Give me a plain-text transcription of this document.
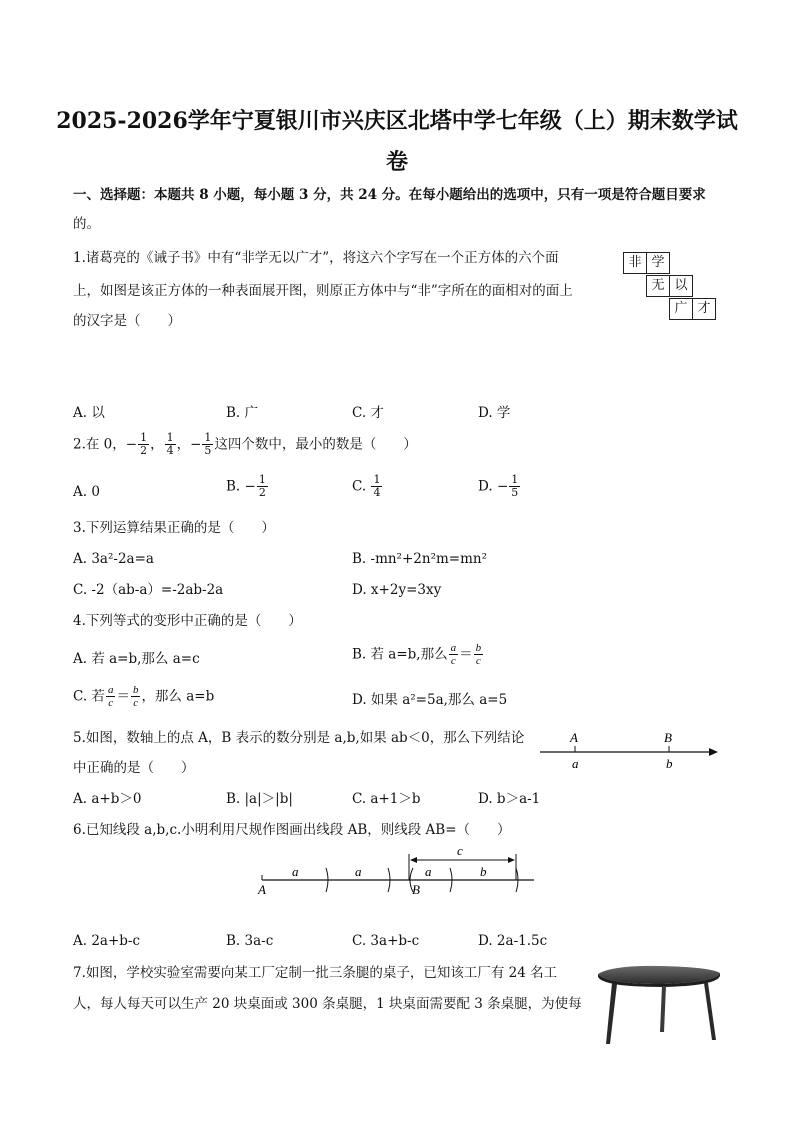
2025-2026学年宁夏银川市兴庆区北塔中学七年级（上）期末数学试
卷
一、选择题：本题共 8 小题，每小题 3 分，共 24 分。在每小题给出的选项中，只有一项是符合题目要求
的。
1.诸葛亮的《诫子书》中有“非学无以广才”，将这六个字写在一个正方体的六个面
上，如图是该正方体的一种表面展开图，则原正方体中与“非”字所在的面相对的面上
的汉字是（　　）
非 学
无 以
广 才
A. 以	B. 广	C. 才	D. 学
2.在 0，− $\frac{1}{2}$ ， $\frac{1}{4}$ ，− $\frac{1}{5}$ 这四个数中，最小的数是（　　）
A. 0	B. − $\frac{1}{2}$	C. $\frac{1}{4}$	D. − $\frac{1}{5}$
3.下列运算结果正确的是（　　）
A. 3a²-2a=a	B. -mn²+2n²m=mn²
C. -2（ab-a）=-2ab-2a	D. x+2y=3xy
4.下列等式的变形中正确的是（　　）
A. 若 a=b,那么 a=c	B. 若 a=b,那么 $\frac{a}{c} = \frac{b}{c}$
C. 若 $\frac{a}{c} = \frac{b}{c}$ ，那么 a=b	D. 如果 a²=5a,那么 a=5
5.如图，数轴上的点 A，B 表示的数分别是 a,b,如果 ab＜0，那么下列结论
中正确的是（　　）
A	B
a	b
A. a+b＞0	B. |a|＞|b|	C. a+1＞b	D. b＞a-1
6.已知线段 a,b,c.小明利用尺规作图画出线段 AB，则线段 AB=（　　）
c
a	a	a	b
A	B
A. 2a+b-c	B. 3a-c	C. 3a+b-c	D. 2a-1.5c
7.如图，学校实验室需要向某工厂定制一批三条腿的桌子，已知该工厂有 24 名工
人，每人每天可以生产 20 块桌面或 300 条桌腿，1 块桌面需要配 3 条桌腿，为使每
